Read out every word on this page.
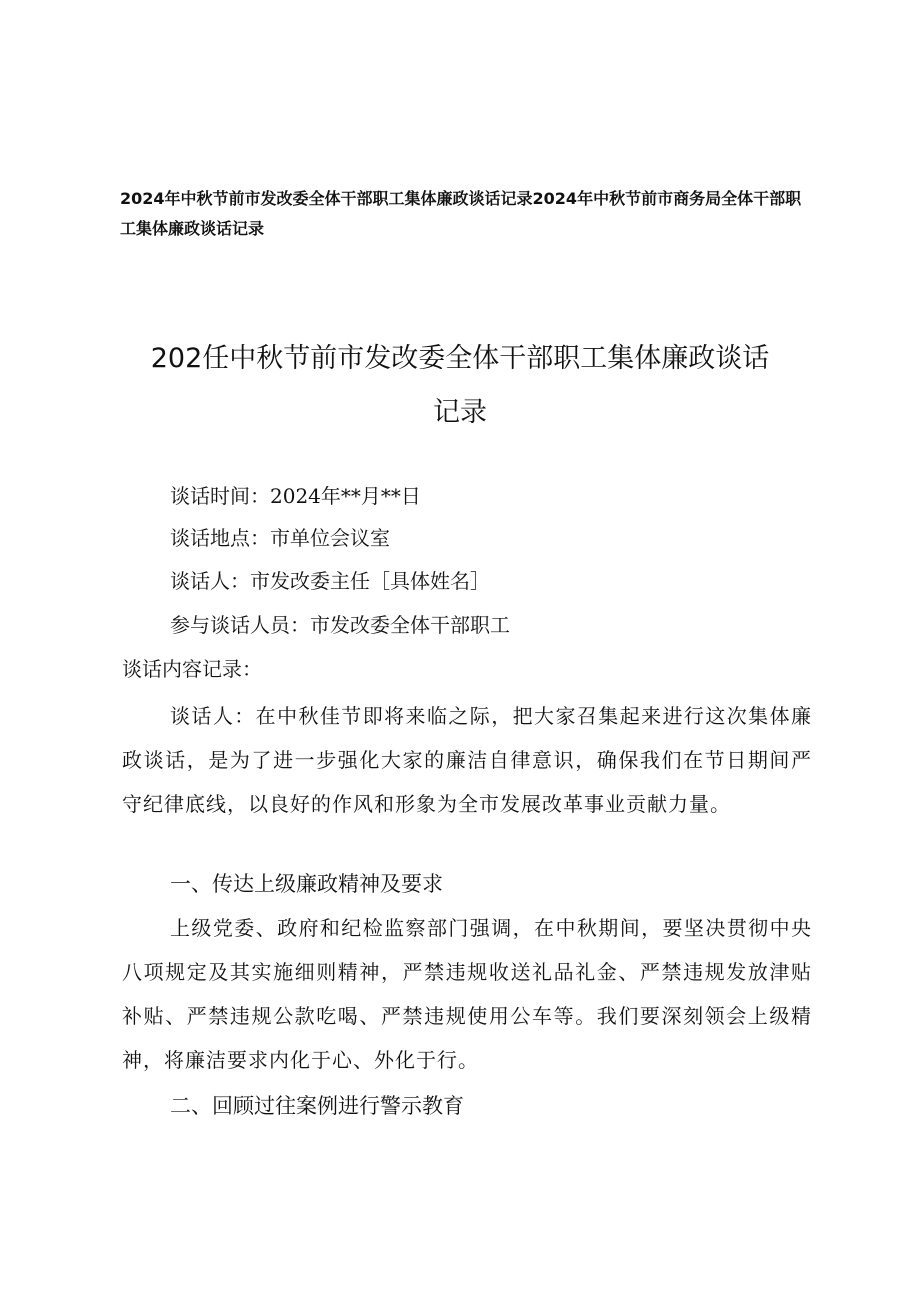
2024年中秋节前市发改委全体干部职工集体廉政谈话记录2024年中秋节前市商务局全体干部职工集体廉政谈话记录
202任中秋节前市发改委全体干部职工集体廉政谈话记录
谈话时间：2024年**月**日
谈话地点：市单位会议室
谈话人：市发改委主任［具体姓名］
参与谈话人员：市发改委全体干部职工
谈话内容记录：
谈话人：在中秋佳节即将来临之际，把大家召集起来进行这次集体廉政谈话，是为了进一步强化大家的廉洁自律意识，确保我们在节日期间严守纪律底线，以良好的作风和形象为全市发展改革事业贡献力量。
一、传达上级廉政精神及要求
上级党委、政府和纪检监察部门强调，在中秋期间，要坚决贯彻中央八项规定及其实施细则精神，严禁违规收送礼品礼金、严禁违规发放津贴补贴、严禁违规公款吃喝、严禁违规使用公车等。我们要深刻领会上级精神，将廉洁要求内化于心、外化于行。
二、回顾过往案例进行警示教育
